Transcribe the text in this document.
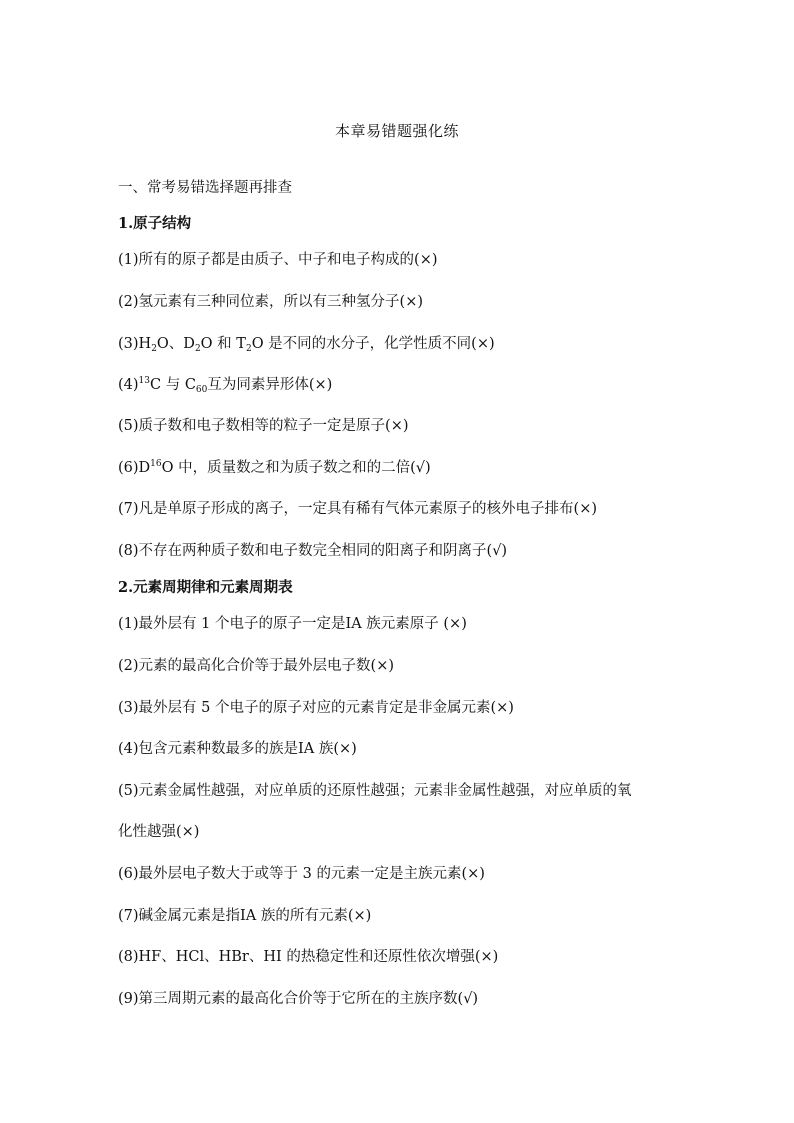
本章易错题强化练
一、常考易错选择题再排查
1.原子结构
(1)所有的原子都是由质子、中子和电子构成的(×)
(2)氢元素有三种同位素，所以有三种氢分子(×)
$(3)H_2O$、$D_2O$ 和 $T_2O$ 是不同的水分子，化学性质不同(×)
$(4)^{13}C$ 与 $C_{60}$互为同素异形体(×)
(5)质子数和电子数相等的粒子一定是原子(×)
$(6)D^{16}O$ 中，质量数之和为质子数之和的二倍(√)
(7)凡是单原子形成的离子，一定具有稀有气体元素原子的核外电子排布(×)
(8)不存在两种质子数和电子数完全相同的阳离子和阴离子(√)
2.元素周期律和元素周期表
(1)最外层有 1 个电子的原子一定是ⅠA 族元素原子 (×)
(2)元素的最高化合价等于最外层电子数(×)
(3)最外层有 5 个电子的原子对应的元素肯定是非金属元素(×)
(4)包含元素种数最多的族是ⅠA 族(×)
(5)元素金属性越强，对应单质的还原性越强；元素非金属性越强，对应单质的氧
化性越强(×)
(6)最外层电子数大于或等于 3 的元素一定是主族元素(×)
(7)碱金属元素是指ⅠA 族的所有元素(×)
(8)HF、HCl、HBr、HI 的热稳定性和还原性依次增强(×)
(9)第三周期元素的最高化合价等于它所在的主族序数(√)
